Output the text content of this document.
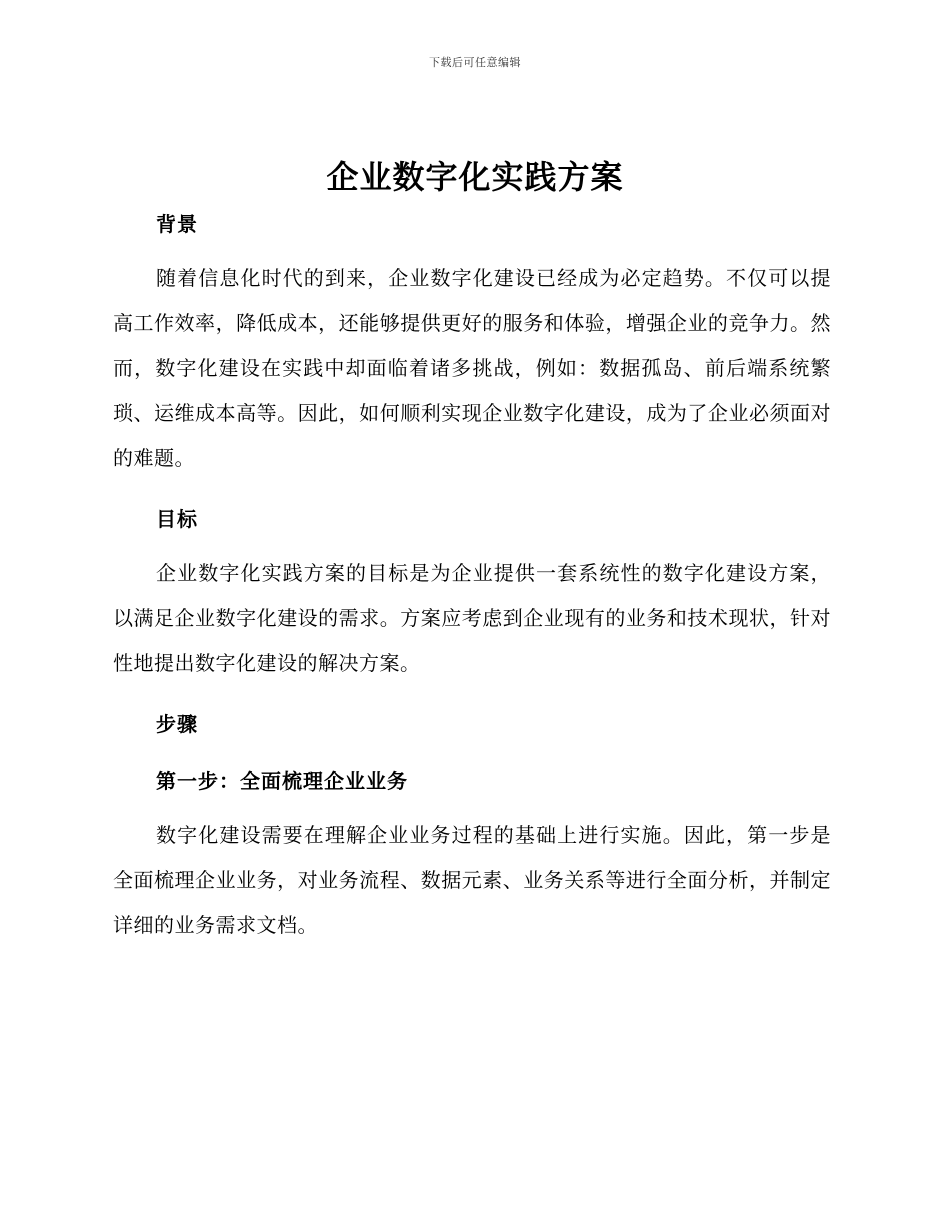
下载后可任意编辑
企业数字化实践方案
背景
随着信息化时代的到来，企业数字化建设已经成为必定趋势。不仅可以提高工作效率，降低成本，还能够提供更好的服务和体验，增强企业的竞争力。然而，数字化建设在实践中却面临着诸多挑战，例如：数据孤岛、前后端系统繁琐、运维成本高等。因此，如何顺利实现企业数字化建设，成为了企业必须面对的难题。
目标
企业数字化实践方案的目标是为企业提供一套系统性的数字化建设方案，以满足企业数字化建设的需求。方案应考虑到企业现有的业务和技术现状，针对性地提出数字化建设的解决方案。
步骤
第一步：全面梳理企业业务
数字化建设需要在理解企业业务过程的基础上进行实施。因此，第一步是全面梳理企业业务，对业务流程、数据元素、业务关系等进行全面分析，并制定详细的业务需求文档。
